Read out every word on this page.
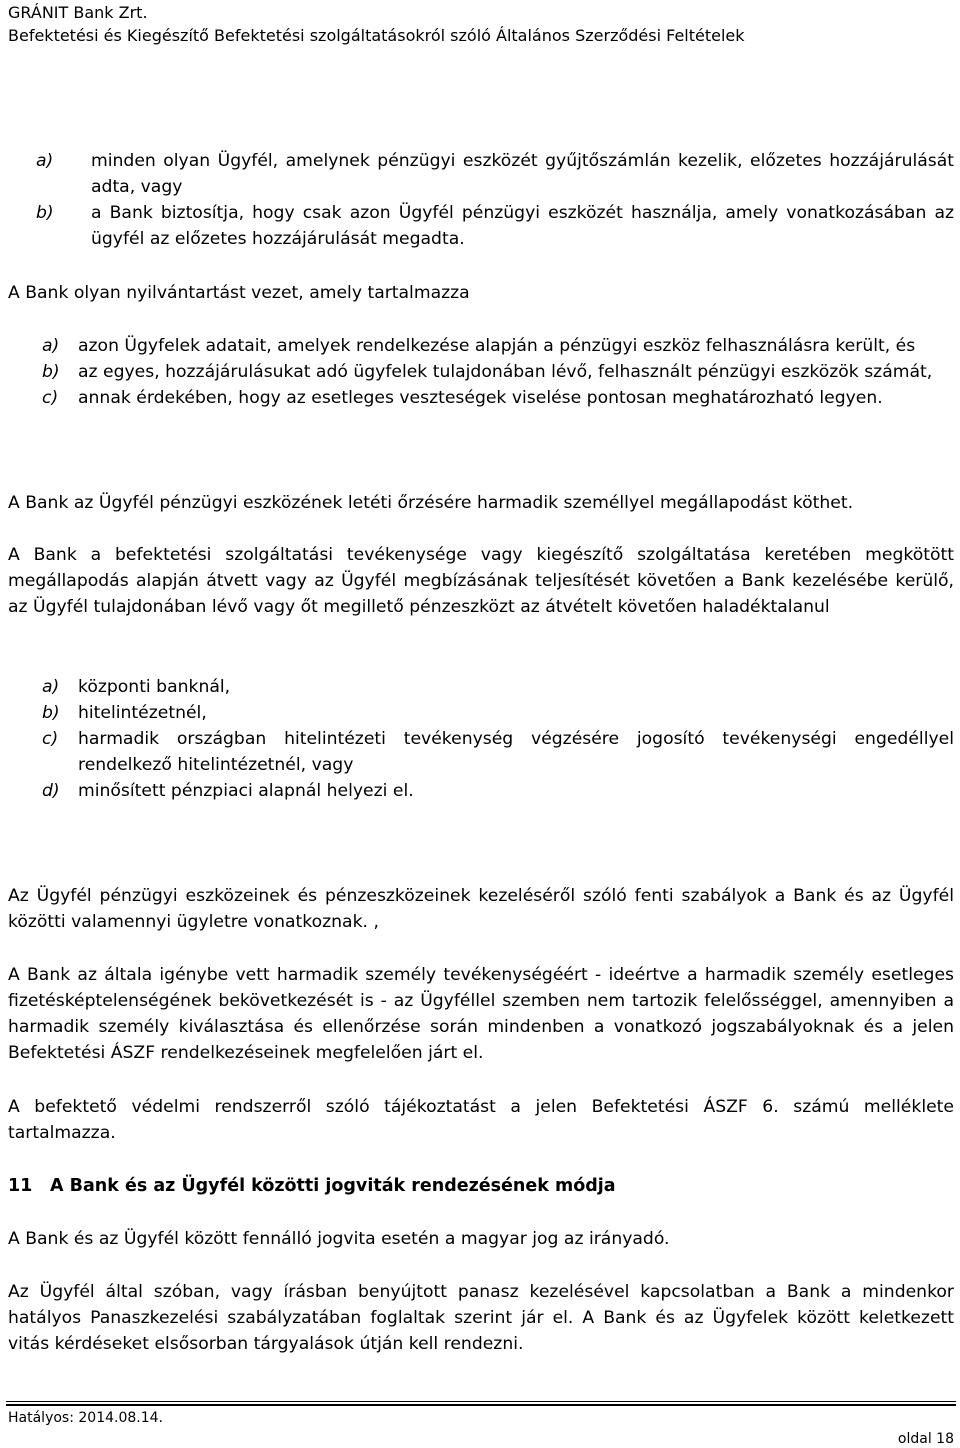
GRÁNIT Bank Zrt.
Befektetési és Kiegészítő Befektetési szolgáltatásokról szóló Általános Szerződési Feltételek
a)	minden olyan Ügyfél, amelynek pénzügyi eszközét gyűjtőszámlán kezelik, előzetes hozzájárulását adta, vagy
b)	a Bank biztosítja, hogy csak azon Ügyfél pénzügyi eszközét használja, amely vonatkozásában az ügyfél az előzetes hozzájárulását megadta.
A Bank olyan nyilvántartást vezet, amely tartalmazza
a)	azon Ügyfelek adatait, amelyek rendelkezése alapján a pénzügyi eszköz felhasználásra került, és
b)	az egyes, hozzájárulásukat adó ügyfelek tulajdonában lévő, felhasznált pénzügyi eszközök számát,
c)	annak érdekében, hogy az esetleges veszteségek viselése pontosan meghatározható legyen.
A Bank az Ügyfél pénzügyi eszközének letéti őrzésére harmadik személlyel megállapodást köthet.
A Bank a befektetési szolgáltatási tevékenysége vagy kiegészítő szolgáltatása keretében megkötött megállapodás alapján átvett vagy az Ügyfél megbízásának teljesítését követően a Bank kezelésébe kerülő, az Ügyfél tulajdonában lévő vagy őt megillető pénzeszközt az átvételt követően haladéktalanul
a)	központi banknál,
b)	hitelintézetnél,
c)	harmadik országban hitelintézeti tevékenység végzésére jogosító tevékenységi engedéllyel rendelkező hitelintézetnél, vagy
d)	minősített pénzpiaci alapnál helyezi el.
Az Ügyfél pénzügyi eszközeinek és pénzeszközeinek kezeléséről szóló fenti szabályok a Bank és az Ügyfél közötti valamennyi ügyletre vonatkoznak. ,
A Bank az általa igénybe vett harmadik személy tevékenységéért - ideértve a harmadik személy esetleges fizetésképtelenségének bekövetkezését is - az Ügyféllel szemben nem tartozik felelősséggel, amennyiben a harmadik személy kiválasztása és ellenőrzése során mindenben a vonatkozó jogszabályoknak és a jelen Befektetési ÁSZF rendelkezéseinek megfelelően járt el.
A befektető védelmi rendszerről szóló tájékoztatást a jelen Befektetési ÁSZF 6. számú melléklete tartalmazza.
11	A Bank és az Ügyfél közötti jogviták rendezésének módja
A Bank és az Ügyfél között fennálló jogvita esetén a magyar jog az irányadó.
Az Ügyfél által szóban, vagy írásban benyújtott panasz kezelésével kapcsolatban a Bank a mindenkor hatályos Panaszkezelési szabályzatában foglaltak szerint jár el. A Bank és az Ügyfelek között keletkezett vitás kérdéseket elsősorban tárgyalások útján kell rendezni.
Hatályos: 2014.08.14.
oldal 18
